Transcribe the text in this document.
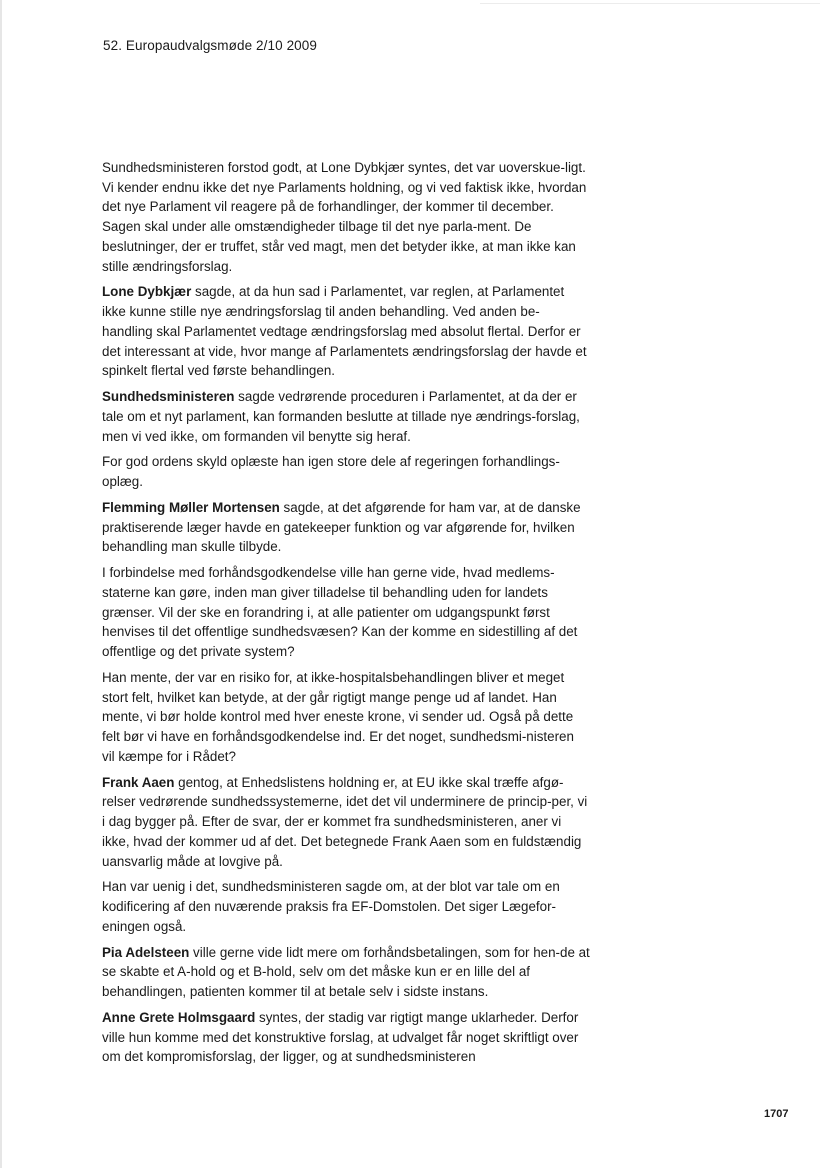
52. Europaudvalgsmøde 2/10 2009

Sundhedsministeren forstod godt, at Lone Dybkjær syntes, det var uoverskue-ligt. Vi kender endnu ikke det nye Parlaments holdning, og vi ved faktisk ikke, hvordan det nye Parlament vil reagere på de forhandlinger, der kommer til december. Sagen skal under alle omstændigheder tilbage til det nye parla-ment. De beslutninger, der er truffet, står ved magt, men det betyder ikke, at man ikke kan stille ændringsforslag.

Lone Dybkjær sagde, at da hun sad i Parlamentet, var reglen, at Parlamentet ikke kunne stille nye ændringsforslag til anden behandling. Ved anden be-handling skal Parlamentet vedtage ændringsforslag med absolut flertal. Derfor er det interessant at vide, hvor mange af Parlamentets ændringsforslag der havde et spinkelt flertal ved første behandlingen.

Sundhedsministeren sagde vedrørende proceduren i Parlamentet, at da der er tale om et nyt parlament, kan formanden beslutte at tillade nye ændrings-forslag, men vi ved ikke, om formanden vil benytte sig heraf.

For god ordens skyld oplæste han igen store dele af regeringen forhandlings-oplæg.

Flemming Møller Mortensen sagde, at det afgørende for ham var, at de danske praktiserende læger havde en gatekeeper funktion og var afgørende for, hvilken behandling man skulle tilbyde.

I forbindelse med forhåndsgodkendelse ville han gerne vide, hvad medlems-staterne kan gøre, inden man giver tilladelse til behandling uden for landets grænser. Vil der ske en forandring i, at alle patienter om udgangspunkt først henvises til det offentlige sundhedsvæsen? Kan der komme en sidestilling af det offentlige og det private system?

Han mente, der var en risiko for, at ikke-hospitalsbehandlingen bliver et meget stort felt, hvilket kan betyde, at der går rigtigt mange penge ud af landet. Han mente, vi bør holde kontrol med hver eneste krone, vi sender ud. Også på dette felt bør vi have en forhåndsgodkendelse ind. Er det noget, sundhedsmi-nisteren vil kæmpe for i Rådet?

Frank Aaen gentog, at Enhedslistens holdning er, at EU ikke skal træffe afgø-relser vedrørende sundhedssystemerne, idet det vil underminere de princip-per, vi i dag bygger på. Efter de svar, der er kommet fra sundhedsministeren, aner vi ikke, hvad der kommer ud af det. Det betegnede Frank Aaen som en fuldstændig uansvarlig måde at lovgive på.

Han var uenig i det, sundhedsministeren sagde om, at der blot var tale om en kodificering af den nuværende praksis fra EF-Domstolen. Det siger Lægefor-eningen også.

Pia Adelsteen ville gerne vide lidt mere om forhåndsbetalingen, som for hen-de at se skabte et A-hold og et B-hold, selv om det måske kun er en lille del af behandlingen, patienten kommer til at betale selv i sidste instans.

Anne Grete Holmsgaard syntes, der stadig var rigtigt mange uklarheder. Derfor ville hun komme med det konstruktive forslag, at udvalget får noget skriftligt over om det kompromisforslag, der ligger, og at sundhedsministeren

1707
